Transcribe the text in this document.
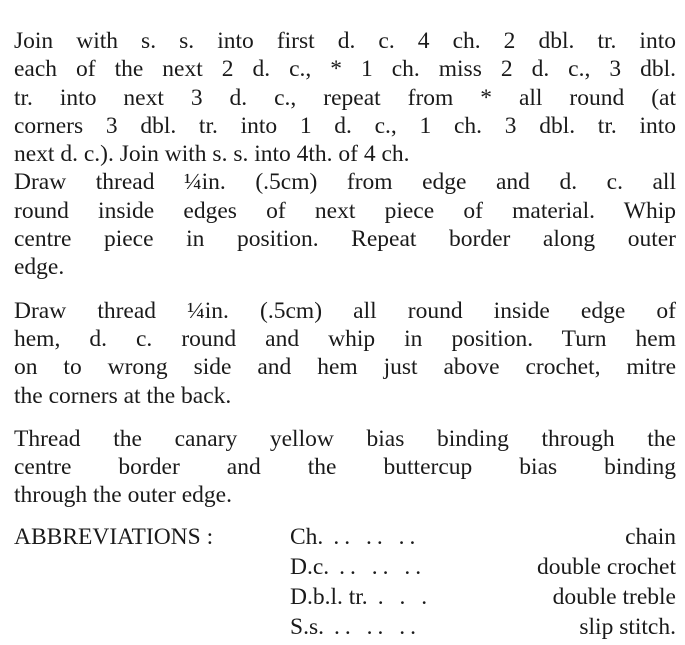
Join with s. s. into first d. c. 4 ch. 2 dbl. tr. into
each of the next 2 d. c., * 1 ch. miss 2 d. c., 3 dbl.
tr. into next 3 d. c., repeat from * all round (at
corners 3 dbl. tr. into 1 d. c., 1 ch. 3 dbl. tr. into
next d. c.). Join with s. s. into 4th. of 4 ch.
Draw thread ¼in. (.5cm) from edge and d. c. all
round inside edges of next piece of material. Whip
centre piece in position. Repeat border along outer
edge.

Draw thread ¼in. (.5cm) all round inside edge of
hem, d. c. round and whip in position. Turn hem
on to wrong side and hem just above crochet, mitre
the corners at the back.

Thread the canary yellow bias binding through the
centre border and the buttercup bias binding
through the outer edge.

ABBREVIATIONS :	Ch. .. .. ..	chain
D.c. .. .. ..	double crochet
D.b.l. tr. . . .	double treble
S.s. .. .. ..	slip stitch.
